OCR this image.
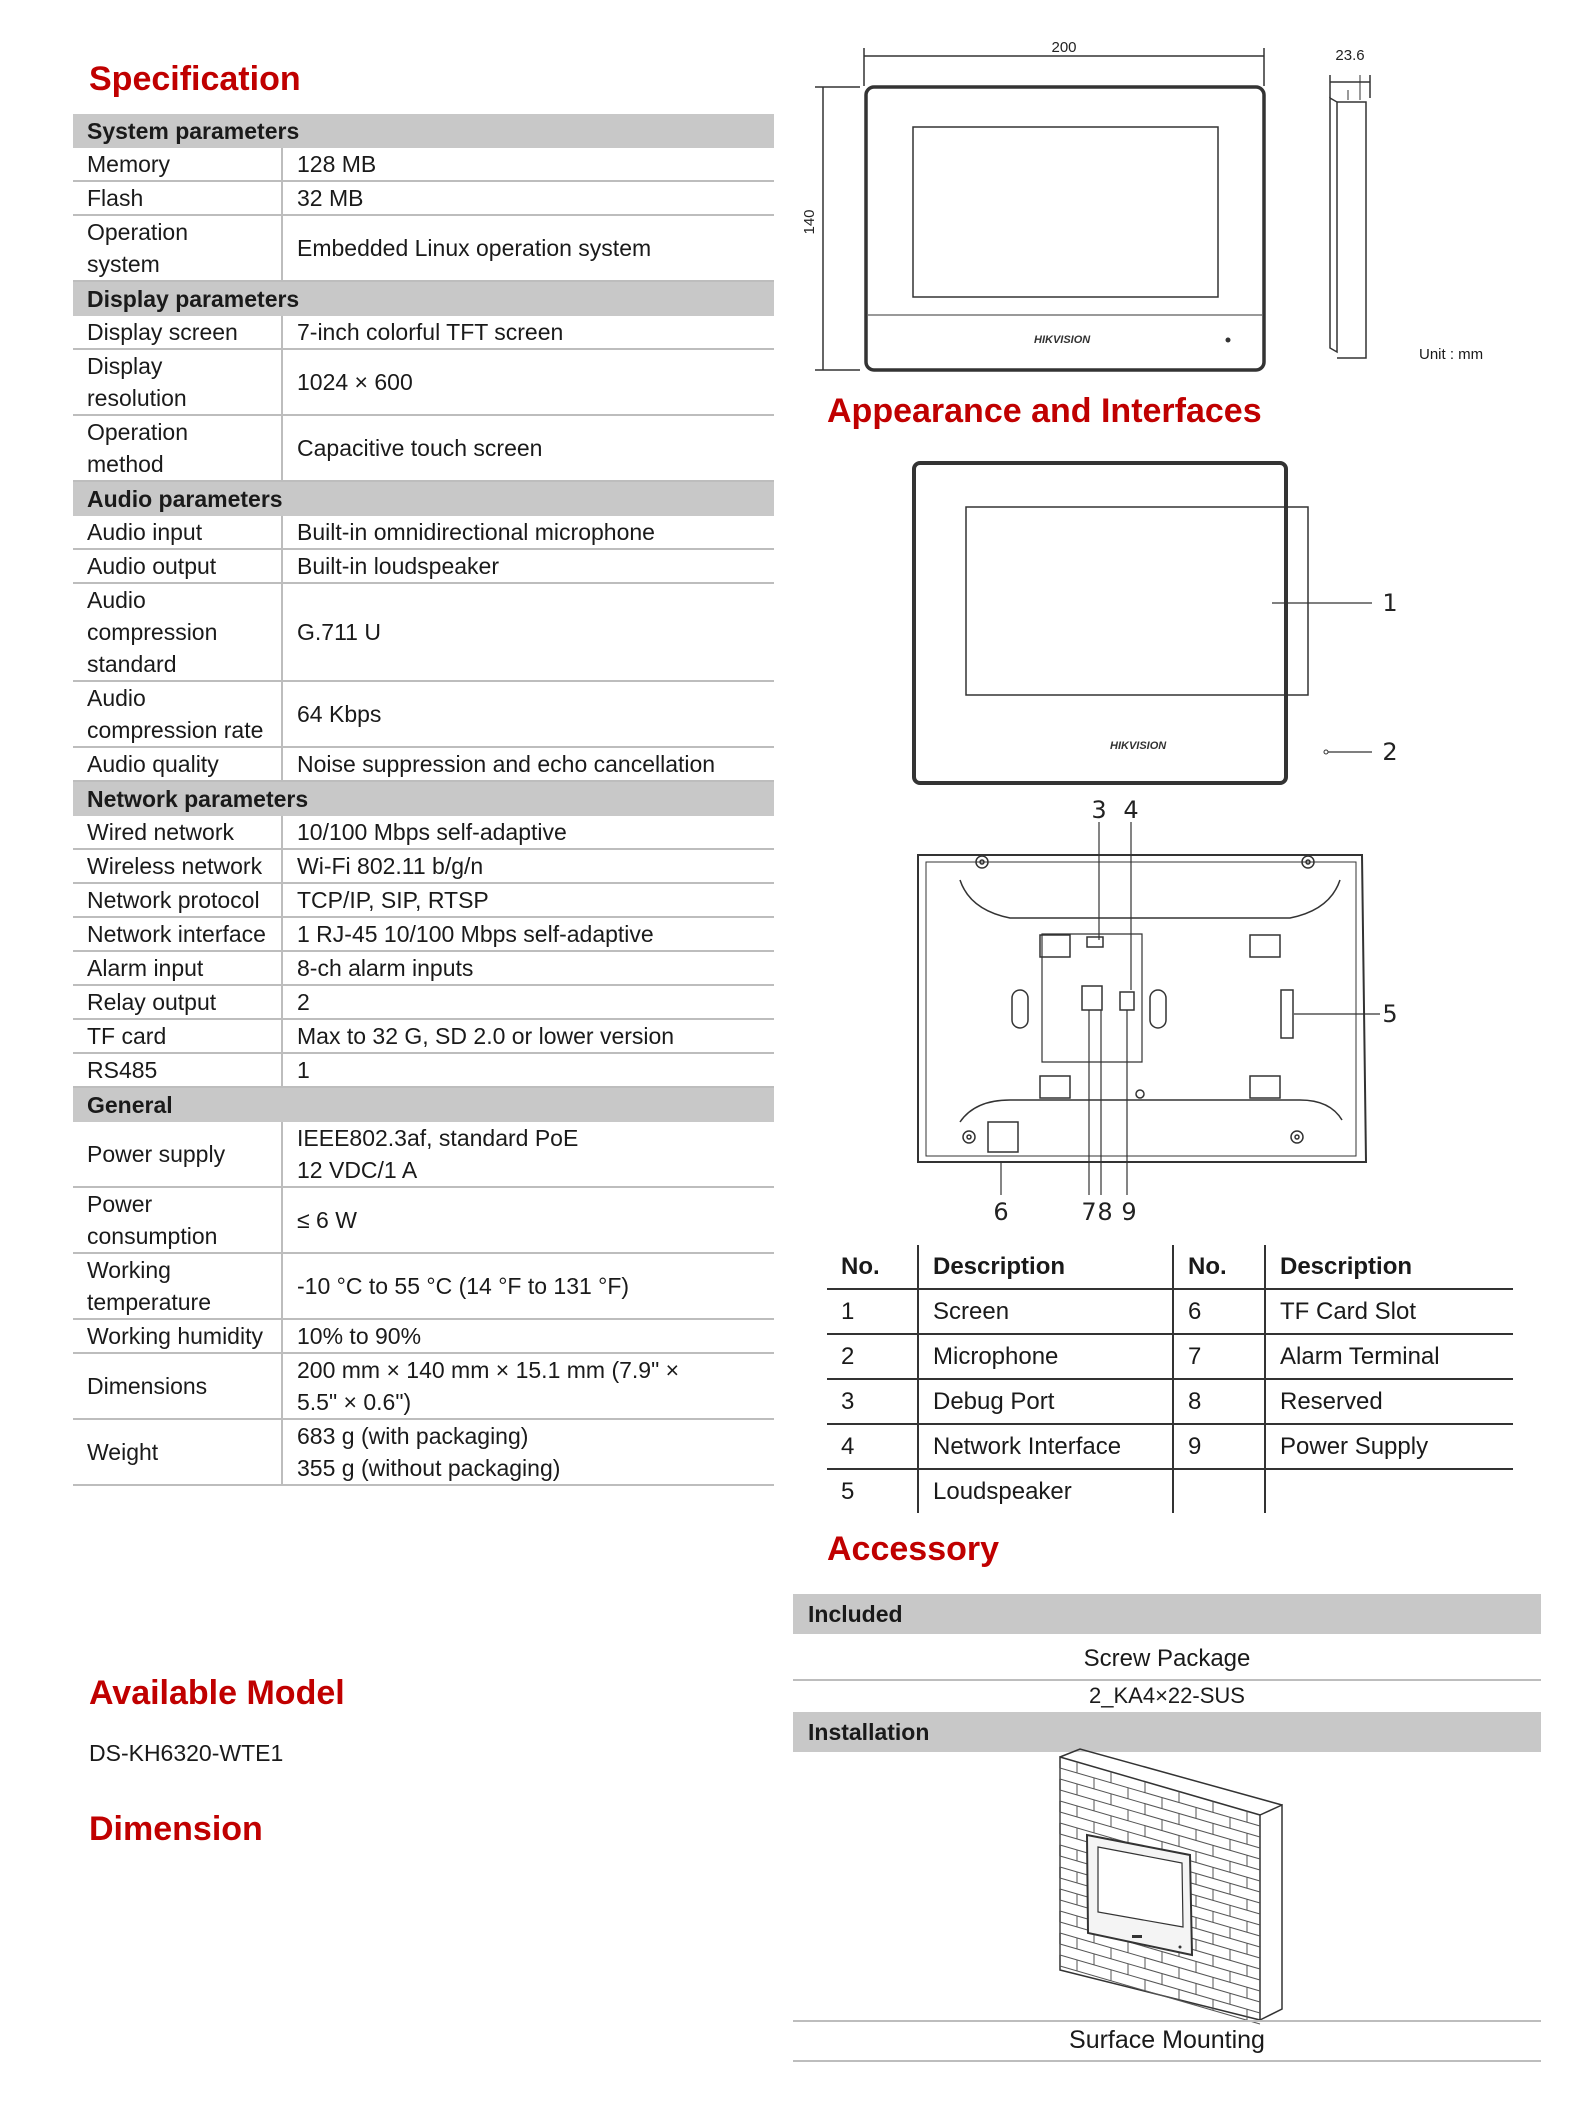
Specification
System parameters	
Memory	128 MB
Flash	32 MB
Operation system	Embedded Linux operation system
Display parameters	
Display screen	7-inch colorful TFT screen
Display resolution	1024 × 600
Operation method	Capacitive touch screen
Audio parameters	
Audio input	Built-in omnidirectional microphone
Audio output	Built-in loudspeaker
Audio compression standard	G.711 U
Audio compression rate	64 Kbps
Audio quality	Noise suppression and echo cancellation
Network parameters	
Wired network	10/100 Mbps self-adaptive
Wireless network	Wi-Fi 802.11 b/g/n
Network protocol	TCP/IP, SIP, RTSP
Network interface	1 RJ-45 10/100 Mbps self-adaptive
Alarm input	8-ch alarm inputs
Relay output	2
TF card	Max to 32 G, SD 2.0 or lower version
RS485	1
General	
Power supply	IEEE802.3af, standard PoE
12 VDC/1 A

Power consumption	≤ 6 W
Working temperature	-10 °C to 55 °C (14 °F to 131 °F)
Working humidity	10% to 90%
Dimensions	200 mm × 140 mm × 15.1 mm (7.9" ×
5.5" × 0.6")

Weight	683 g (with packaging)
355 g (without packaging)
Available Model
DS-KH6320-WTE1
Dimension
HIKVISION
200	23.6
140
Unit : mm
Appearance and Interfaces
HIKVISION
1
2
3 4
5
6	7 8 9
No.	Description	No.	Description
1	Screen	6	TF Card Slot
2	Microphone	7	Alarm Terminal
3	Debug Port	8	Reserved
4	Network Interface	9	Power Supply
5	Loudspeaker		
Accessory
Included
Screw Package
2_KA4×22-SUS
Installation
Surface Mounting
